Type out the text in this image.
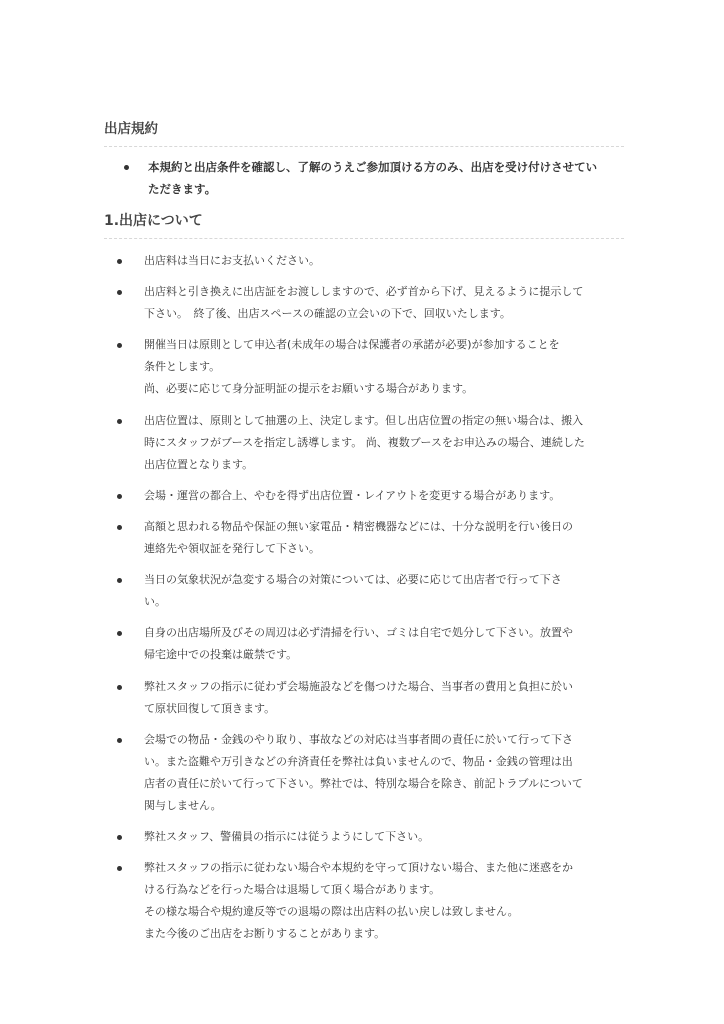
出店規約
本規約と出店条件を確認し、了解のうえご参加頂ける方のみ、出店を受け付けさせてい
ただきます。
1.出店について
出店料は当日にお支払いください。
出店料と引き換えに出店証をお渡ししますので、必ず首から下げ、見えるように提示して
下さい。　終了後、出店スペースの確認の立会いの下で、回収いたします。
開催当日は原則として申込者(未成年の場合は保護者の承諾が必要)が参加することを
条件とします。
尚、必要に応じて身分証明証の提示をお願いする場合があります。
出店位置は、原則として抽選の上、決定します。但し出店位置の指定の無い場合は、搬入
時にスタッフがブースを指定し誘導します。 尚、複数ブースをお申込みの場合、連続した
出店位置となります。
会場・運営の都合上、やむを得ず出店位置・レイアウトを変更する場合があります。
高額と思われる物品や保証の無い家電品・精密機器などには、十分な説明を行い後日の
連絡先や領収証を発行して下さい。
当日の気象状況が急変する場合の対策については、必要に応じて出店者で行って下さ
い。
自身の出店場所及びその周辺は必ず清掃を行い、ゴミは自宅で処分して下さい。放置や
帰宅途中での投棄は厳禁です。
弊社スタッフの指示に従わず会場施設などを傷つけた場合、当事者の費用と負担に於い
て原状回復して頂きます。
会場での物品・金銭のやり取り、事故などの対応は当事者間の責任に於いて行って下さ
い。また盗難や万引きなどの弁済責任を弊社は負いませんので、物品・金銭の管理は出
店者の責任に於いて行って下さい。弊社では、特別な場合を除き、前記トラブルについて
関与しません。
弊社スタッフ、警備員の指示には従うようにして下さい。
弊社スタッフの指示に従わない場合や本規約を守って頂けない場合、また他に迷惑をか
ける行為などを行った場合は退場して頂く場合があります。
その様な場合や規約違反等での退場の際は出店料の払い戻しは致しません。
また今後のご出店をお断りすることがあります。
